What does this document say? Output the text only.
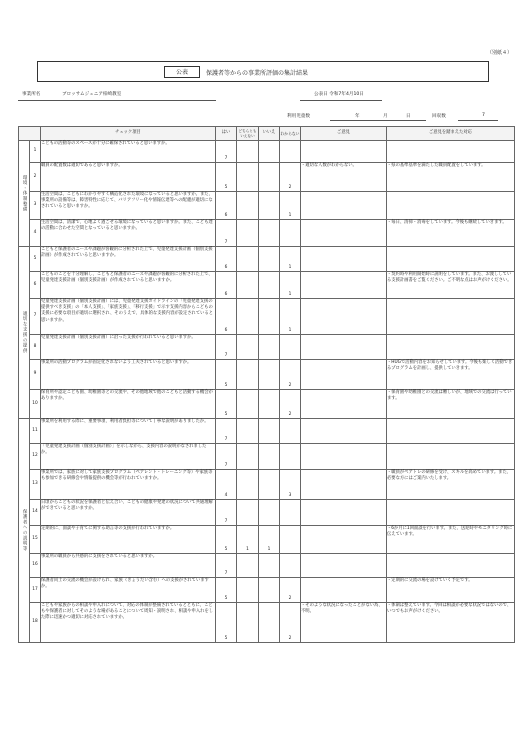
（別紙４）
公表	保護者等からの事業所評価の集計結果
事業所名	ブロッサムジュニア柏崎教室	公表日 令和7年4月10日
利用児童数	年	月	日	回収数	7
		チェック項目	はい	どちらともいえない	いいえ	わからない	ご意見	ご意見を踏まえた対応
環境・体制整備	1	こどもの活動等のスペースが十分に確保されていると思いますか。	7					
	2	職員の配置数は適切であると思いますか。	5			2	・適切な人数がわからない。	・県の基準基準を満たした職員配置をしています。
	3	生活空間は、こどもにわかりやすく構造化された環境になっていると思いますか。また、事業所の設備等は、障害特性に応じて、バリアフリー化や情報伝達等への配慮が適切になされていると思いますか。	6			1		
	4	生活空間は、清潔で、心地よく過ごせる環境になっていると思いますか。また、こども達の活動に合わせた空間となっていると思いますか。	7					・毎日、清掃・消毒をしています。今後も継続していきます。
適切な支援の提供	5	こどもと保護者のニーズや課題が客観的に分析された上で、児童発達支援計画（個別支援計画）が作成されていると思いますか。	6			1		
	6	こどものことを十分理解し、こどもと保護者のニーズや課題が客観的に分析された上で、児童発達支援計画（個別支援計画）が作成されていると思いますか。	6			1		・契約時や利用開始時に説明をしています。また、お渡ししている支援計画書をご覧ください。ご不明な点はお声がけください。
	7	児童発達支援計画（個別支援計画）には、児童発達支援ガイドラインの「児童発達支援の提供すべき支援」の「本人支援」、「家族支援」、「移行支援」で示す支援内容からこどもの支援に必要な項目が適切に選択され、そのうえで、具体的な支援内容が設定されていると思いますか。	6			1		
	8	児童発達支援計画（個別支援計画）に沿った支援が行われていると思いますか。	7					
	9	事業所の活動プログラムが固定化されないよう工夫されていると思いますか。	5			2		・HUGで活動内容をお知らせしています。今後も楽しく活動できるプログラムを計画し、提供していきます。
	10	保育所や認定こども園、幼稚園等との交流や、その他地域で他のこどもと活動する機会がありますか。	5			2		・保育園や幼稚園との交流は難しいが、地域での交流は行っています。
保護者への説明等	11	事業所を利用する際に、重要事項、利用者負担等について丁寧な説明がありましたか。	7					
	12	「児童発達支援計画（個別支援計画）」を示しながら、支援内容の説明がなされましたか。	7					
	13	事業所では、家族に対して家族支援プログラム（ペアレント・トレーニング等）や家族等も参加できる研修会や情報提供の機会等が行われていますか。	4			3		・職員がペアトレの研修を受け、スキルを高めています。また、必要な方にはご案内いたします。
	14	日頃からこどもの状況を保護者と伝え合い、こどもの健康や発達の状況について共通理解ができていると思いますか。	7					
	15	定期的に、面談や子育てに関する助言等の支援が行われていますか。	5	1	1			・6か月に1回面談を行います。また、送迎時やモニタリング時に伝えています。
	16	事業所の職員から共感的に支援をされていると思いますか。	7					
	17	保護者同士の交流の機会が設けられ、家族（きょうだい含む）への支援がされていますか。	5			2		・定期的に交流の場を設けていく予定です。
	18	こどもや家族からの相談や申入れについて、対応の体制が整備されているとともに、こどもや保護者に対してそのような場があることについて周知・説明され、相談や申入れをした際に迅速かつ適切に対応されていますか。	5			2	・そのような状況になったことがない為、不明。	・体制は整えています。今回は相談が必要な状況ではないので、いつでもお声がけください。
